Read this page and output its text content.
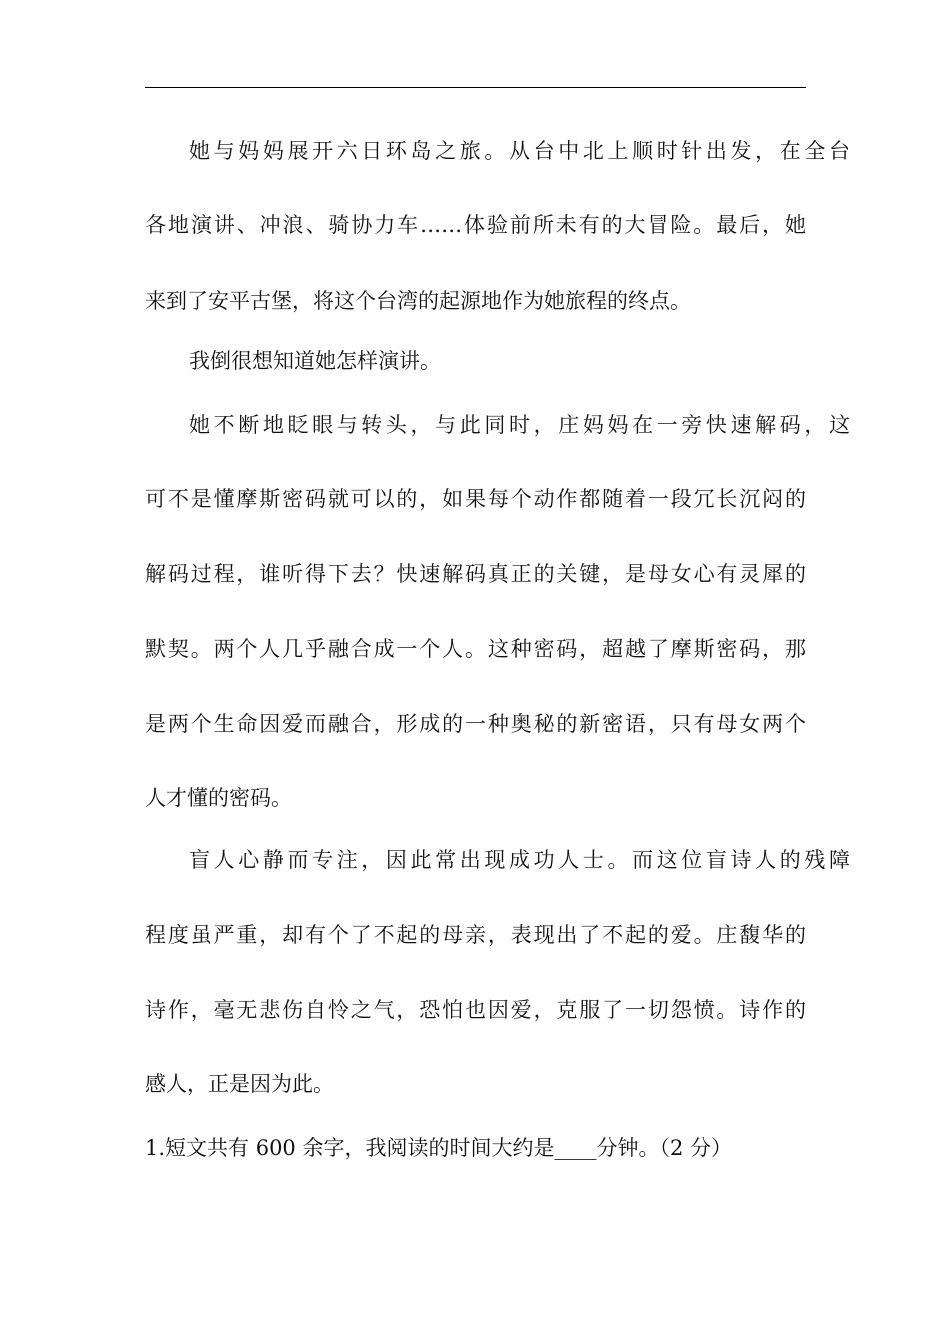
她与妈妈展开六日环岛之旅。从台中北上顺时针出发，在全台
各地演讲、冲浪、骑协力车……体验前所未有的大冒险。最后，她
来到了安平古堡，将这个台湾的起源地作为她旅程的终点。
我倒很想知道她怎样演讲。
她不断地眨眼与转头，与此同时，庄妈妈在一旁快速解码，这
可不是懂摩斯密码就可以的，如果每个动作都随着一段冗长沉闷的
解码过程，谁听得下去？快速解码真正的关键，是母女心有灵犀的
默契。两个人几乎融合成一个人。这种密码，超越了摩斯密码，那
是两个生命因爱而融合，形成的一种奥秘的新密语，只有母女两个
人才懂的密码。
盲人心静而专注，因此常出现成功人士。而这位盲诗人的残障
程度虽严重，却有个了不起的母亲，表现出了不起的爱。庄馥华的
诗作，毫无悲伤自怜之气，恐怕也因爱，克服了一切怨愤。诗作的
感人，正是因为此。
1.短文共有 600 余字，我阅读的时间大约是____分钟。（2 分）
